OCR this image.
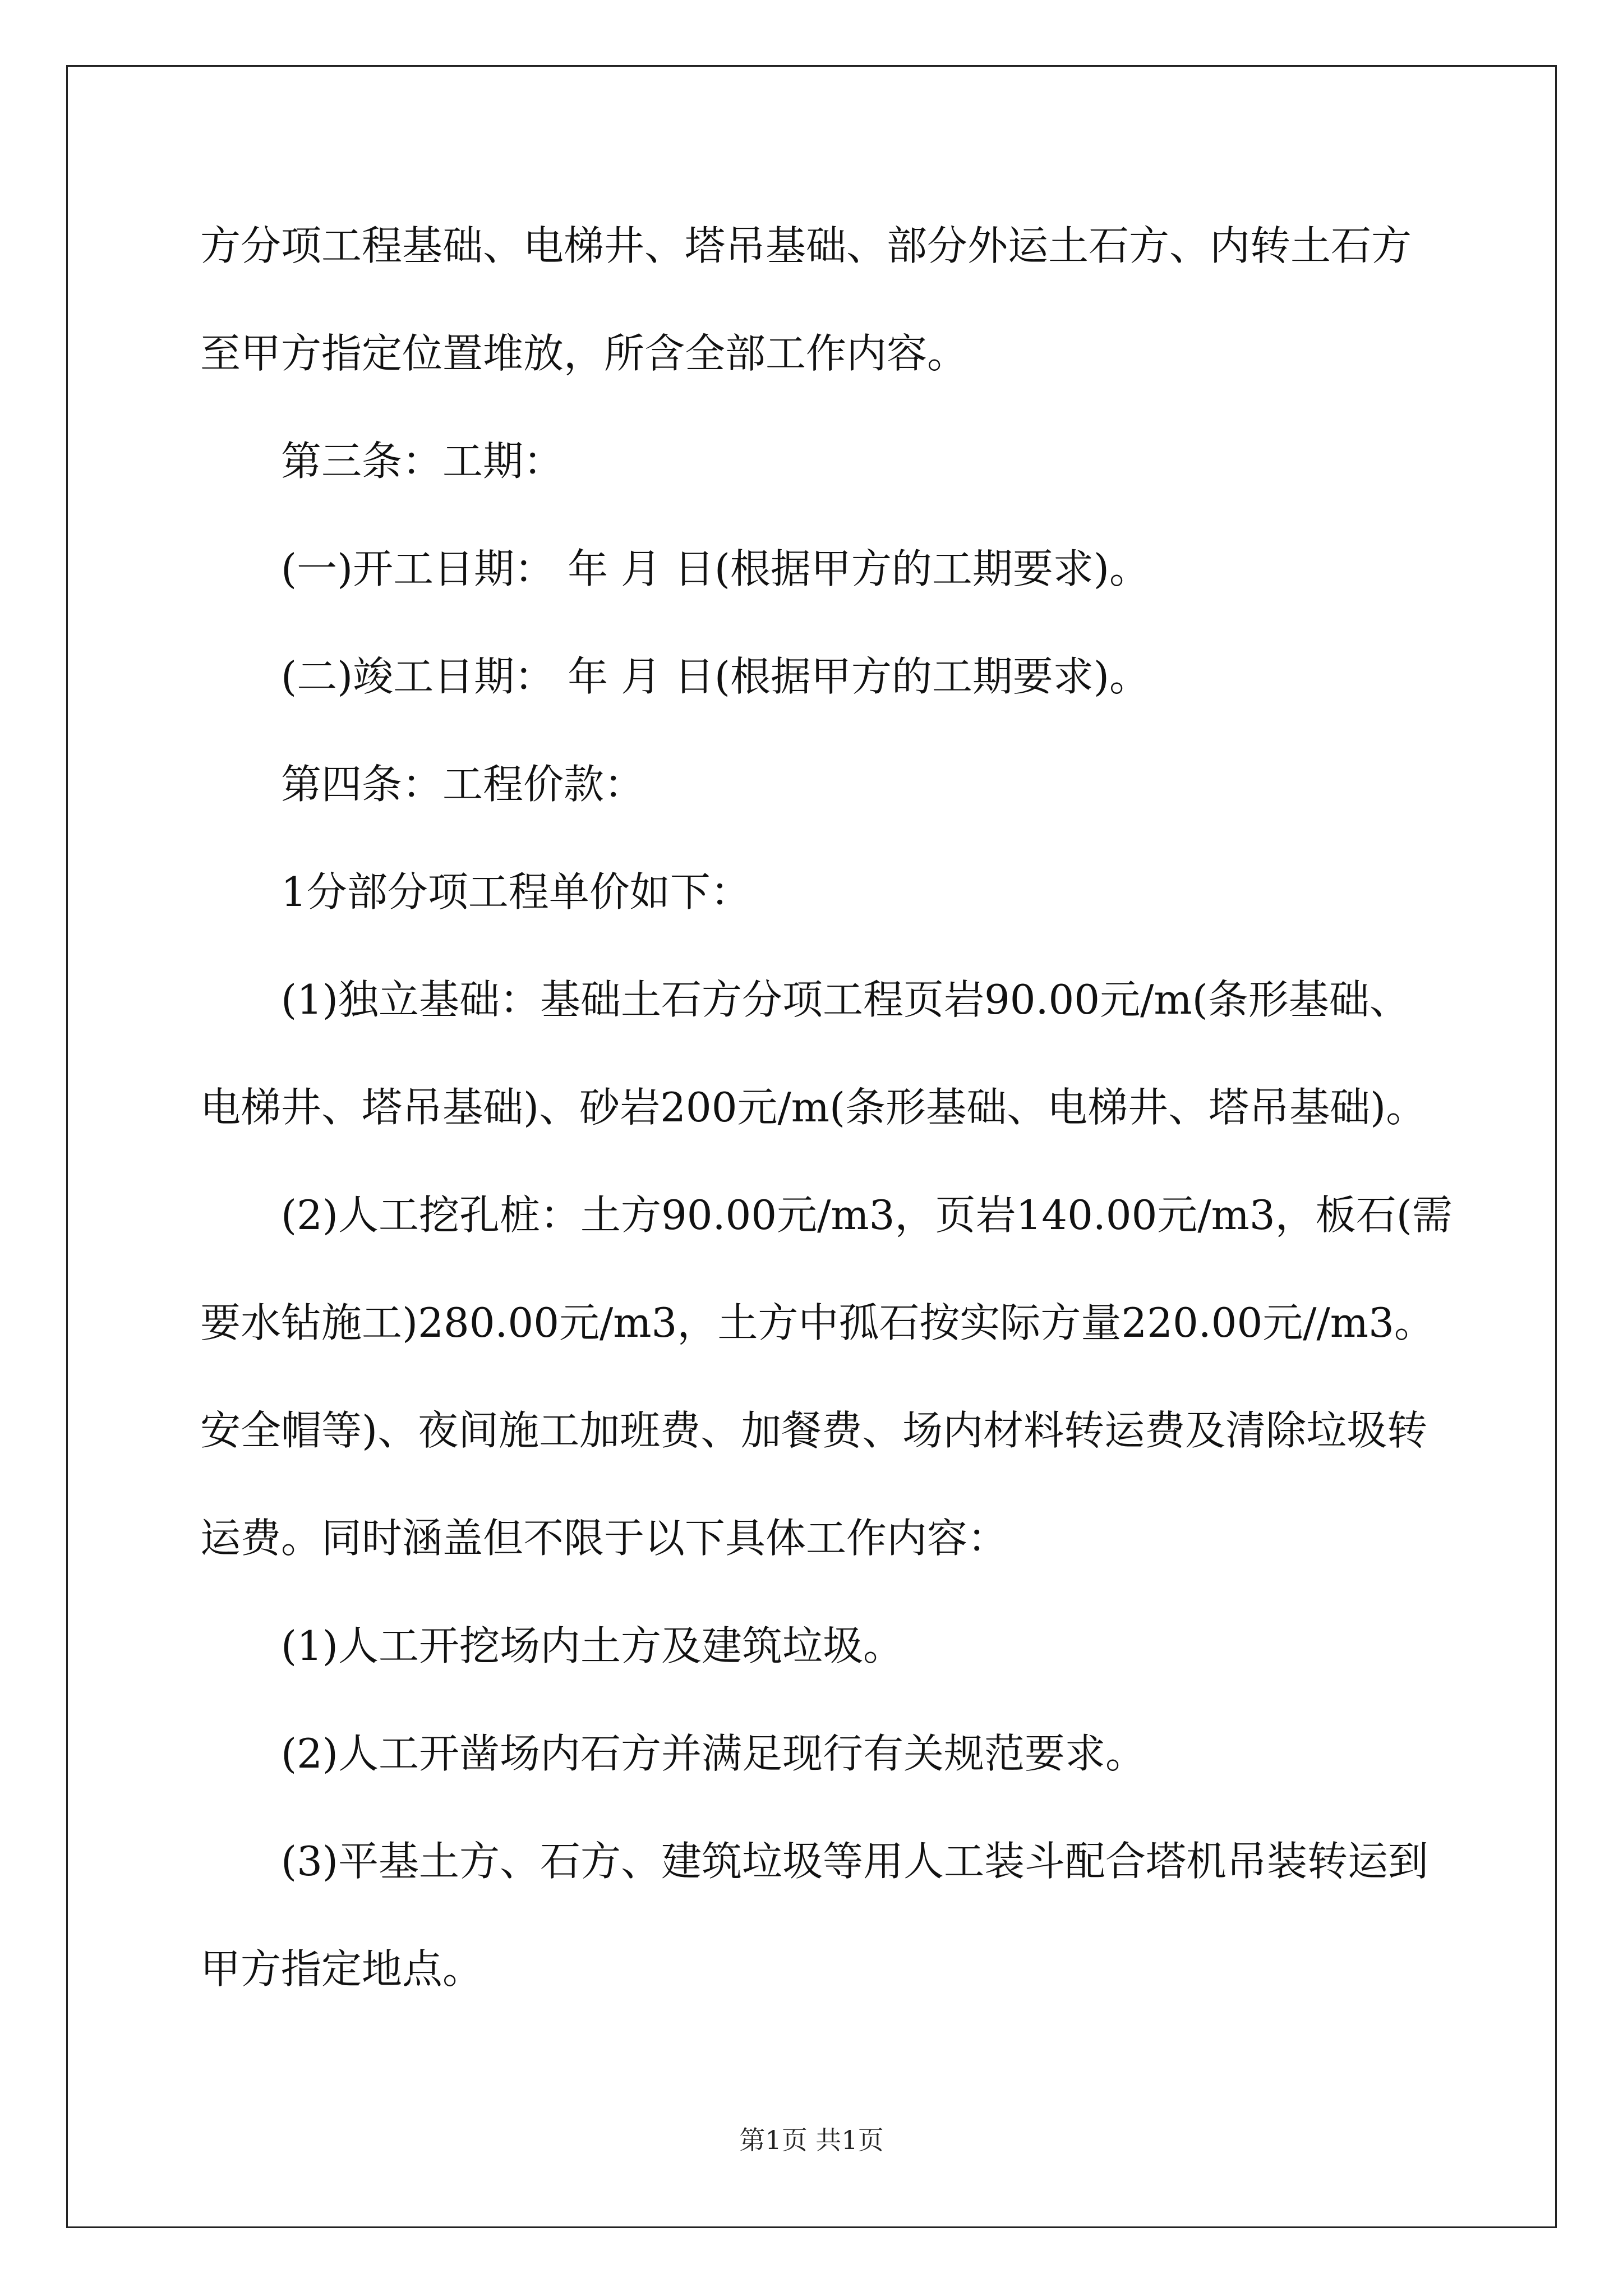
方分项工程基础、电梯井、塔吊基础、部分外运土石方、内转土石方

至甲方指定位置堆放，所含全部工作内容。

第三条：工期：

(一)开工日期： 年 月 日(根据甲方的工期要求)。

(二)竣工日期： 年 月 日(根据甲方的工期要求)。

第四条：工程价款：

1分部分项工程单价如下：

(1)独立基础：基础土石方分项工程页岩90.00元/m(条形基础、

电梯井、塔吊基础)、砂岩200元/m(条形基础、电梯井、塔吊基础)。

(2)人工挖孔桩：土方90.00元/m3，页岩140.00元/m3，板石(需

要水钻施工)280.00元/m3，土方中孤石按实际方量220.00元//m3。

安全帽等)、夜间施工加班费、加餐费、场内材料转运费及清除垃圾转

运费。同时涵盖但不限于以下具体工作内容：

(1)人工开挖场内土方及建筑垃圾。

(2)人工开凿场内石方并满足现行有关规范要求。

(3)平基土方、石方、建筑垃圾等用人工装斗配合塔机吊装转运到

甲方指定地点。

第1页 共1页
